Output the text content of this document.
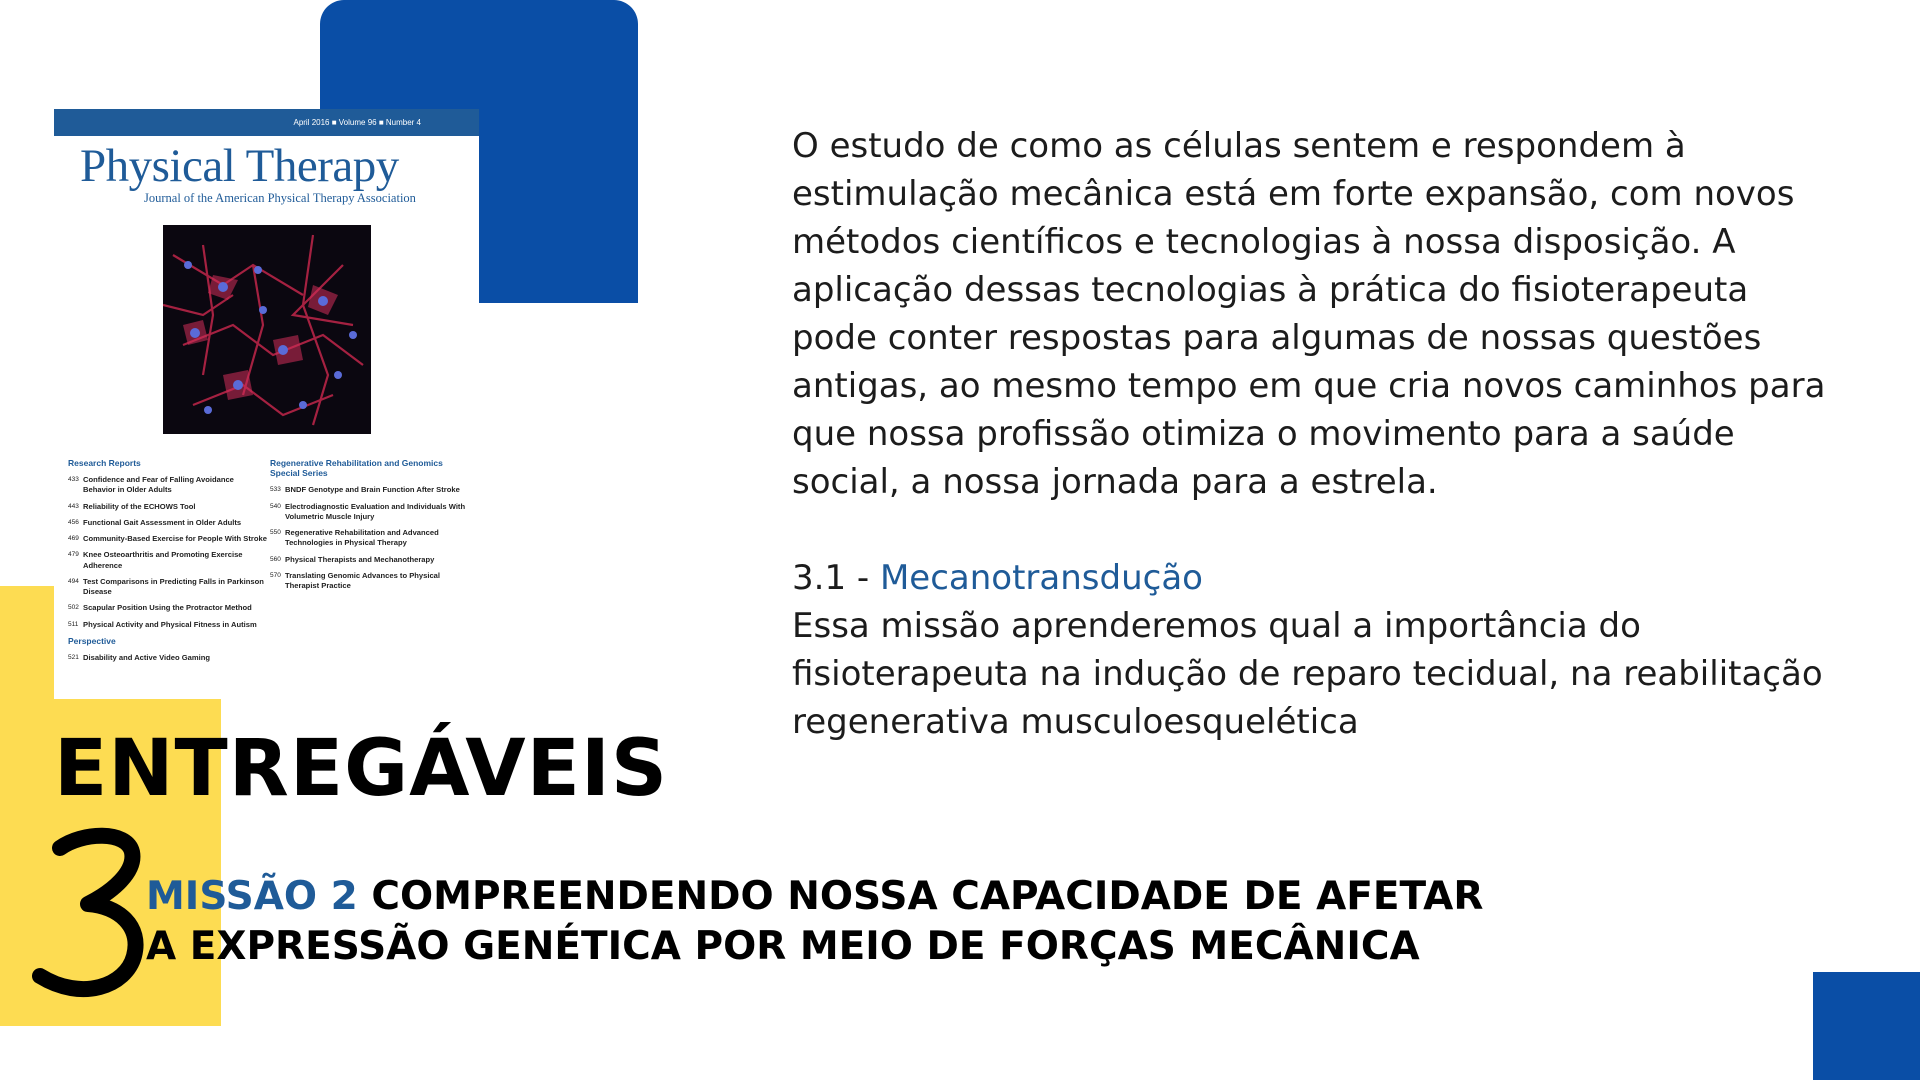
April 2016 ■ Volume 96 ■ Number 4
Physical Therapy
Journal of the American Physical Therapy Association
Research Reports
433 Confidence and Fear of Falling Avoidance Behavior in Older Adults
443 Reliability of the ECHOWS Tool
456 Functional Gait Assessment in Older Adults
469 Community-Based Exercise for People With Stroke
479 Knee Osteoarthritis and Promoting Exercise Adherence
494 Test Comparisons in Predicting Falls in Parkinson Disease
502 Scapular Position Using the Protractor Method
511 Physical Activity and Physical Fitness in Autism
Perspective
521 Disability and Active Video Gaming
Regenerative Rehabilitation and Genomics Special Series
533 BNDF Genotype and Brain Function After Stroke
540 Electrodiagnostic Evaluation and Individuals With Volumetric Muscle Injury
550 Regenerative Rehabilitation and Advanced Technologies in Physical Therapy
560 Physical Therapists and Mechanotherapy
570 Translating Genomic Advances to Physical Therapist Practice

O estudo de como as células sentem e respondem à estimulação mecânica está em forte expansão, com novos métodos científicos e tecnologias à nossa disposição. A aplicação dessas tecnologias à prática do fisioterapeuta pode conter respostas para algumas de nossas questões antigas, ao mesmo tempo em que cria novos caminhos para que nossa profissão otimiza o movimento para a saúde social, a nossa jornada para a estrela.

3.1 - Mecanotransdução
Essa missão aprenderemos qual a importância do fisioterapeuta na indução de reparo tecidual, na reabilitação regenerativa musculoesquelética

ENTREGÁVEIS

MISSÃO 2 COMPREENDENDO NOSSA CAPACIDADE DE AFETAR A EXPRESSÃO GENÉTICA POR MEIO DE FORÇAS MECÂNICA
